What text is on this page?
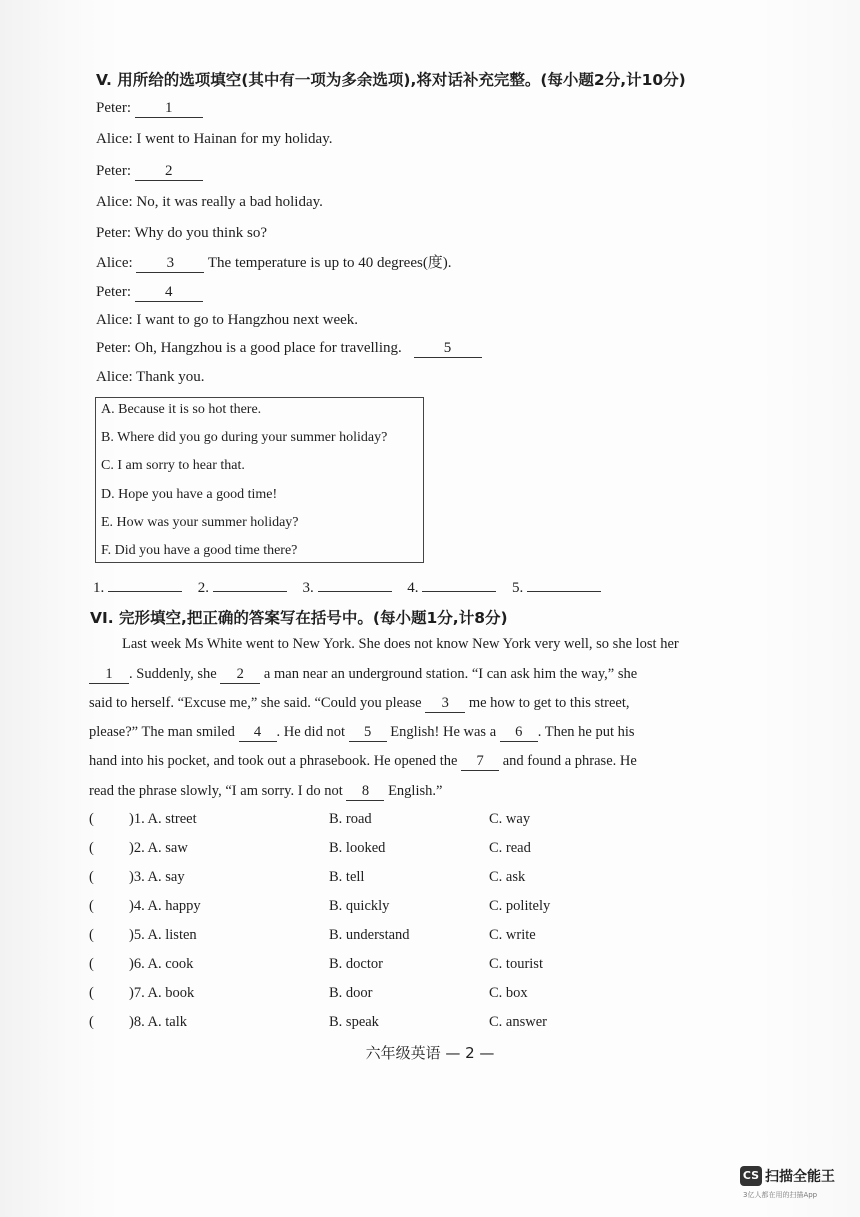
V. 用所给的选项填空(其中有一项为多余选项),将对话补充完整。(每小题2分,计10分)
Peter: 1
Alice: I went to Hainan for my holiday.
Peter: 2
Alice: No, it was really a bad holiday.
Peter: Why do you think so?
Alice: 3 The temperature is up to 40 degrees(度).
Peter: 4
Alice: I want to go to Hangzhou next week.
Peter: Oh, Hangzhou is a good place for travelling.	5
Alice: Thank you.
A. Because it is so hot there.
B. Where did you go during your summer holiday?
C. I am sorry to hear that.
D. Hope you have a good time!
E. How was your summer holiday?
F. Did you have a good time there?
1.	2.	3.	4.	5.
VI. 完形填空,把正确的答案写在括号中。(每小题1分,计8分)
Last week Ms White went to New York. She does not know New York very well, so she lost her
1 . Suddenly, she 2 a man near an underground station. “I can ask him the way,” she
said to herself. “Excuse me,” she said. “Could you please 3 me how to get to this street,
please?” The man smiled 4 . He did not 5 English! He was a 6 . Then he put his
hand into his pocket, and took out a phrasebook. He opened the 7 and found a phrase. He
read the phrase slowly, “I am sorry. I do not 8 English.”
( )1. A. street	B. road	C. way
( )2. A. saw	B. looked	C. read
( )3. A. say	B. tell	C. ask
( )4. A. happy	B. quickly	C. politely
( )5. A. listen	B. understand	C. write
( )6. A. cook	B. doctor	C. tourist
( )7. A. book	B. door	C. box
( )8. A. talk	B. speak	C. answer
六年级英语 — 2 —
CS 扫描全能王
3亿人都在用的扫描App
